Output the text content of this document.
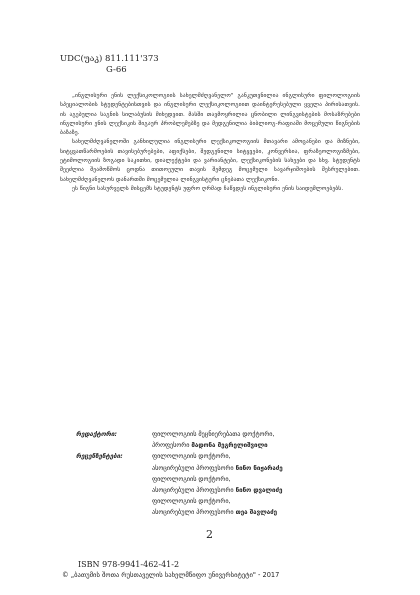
UDC(უაკ) 811.111'373
G-66

„ინგლისური ენის ლექსიკოლოგიის სახელმძღვანელო" განკუთვნილია ინგლისური ფილოლოგიის სპეციალობის სტუდენტებისთვის და ინგლისური ლექსიკოლოგიით დაინტერესებული ყველა პირისათვის. ის აგებულია საგნის სილაბუსის მიხედვით. მასში თავმოყრილია ცნობილი ლინგვისტების მოსაზრებები ინგლისური ენის ლექსიკის შიგაურ პრობლემებზე და მედგენილია ბიბლიოგ-რაფიაში მოცემული წიგნების ბაზაზე.

სახელმძღვანელოში განხილულია ინგლისური ლექსიკოლოგიის მთავარი ამოცანები და მიზნები, სიტყვათწარმოების თავისებურებები, აფიქსები, შედგენილი სიტყვები, კონვერსია, ფრაზეოლოგიზმები, ეტიმოლოგიის ზოგადი საკითხი, დიალექტები და ვარიანტები, ლექსიკონების სახეები და სხვ. სტუდენტს შეეძლია შეამოწმოს ცოდნა თითოეული თავის შემდეგ მოცემული სავარჯიშოების შესრულებით. სახელმძღვანელოს დანართში მოცემულია ლინგვისტური ცნებათა ლექსიკონი.

ეს წიგნი სასურველს მისცემს სტუდენტს უფრო ღრმად ჩაწვდეს ინგლისური ენის საიდუმლოებებს.

რედაქტორი:	ფილოლოგიის მეცნიერებათა დოქტორი,
პროფესორი მადონა მეგრელიშვილი
რეცენზენტები:	ფილოლოგიის დოქტორი,
ასოცირებული პროფესორი ნინო ნიჟარაძე
ფილოლოგიის დოქტორი,
ასოცირებული პროფესორი ნინო დვალიძე
ფილოლოგიის დოქტორი,
ასოცირებული პროფესორი თეა შავლაძე
2
ISBN 978-9941-462-41-2
© „ბათუმის შოთა რუსთაველის სახელმწიფო უნივერსიტეტი" - 2017
